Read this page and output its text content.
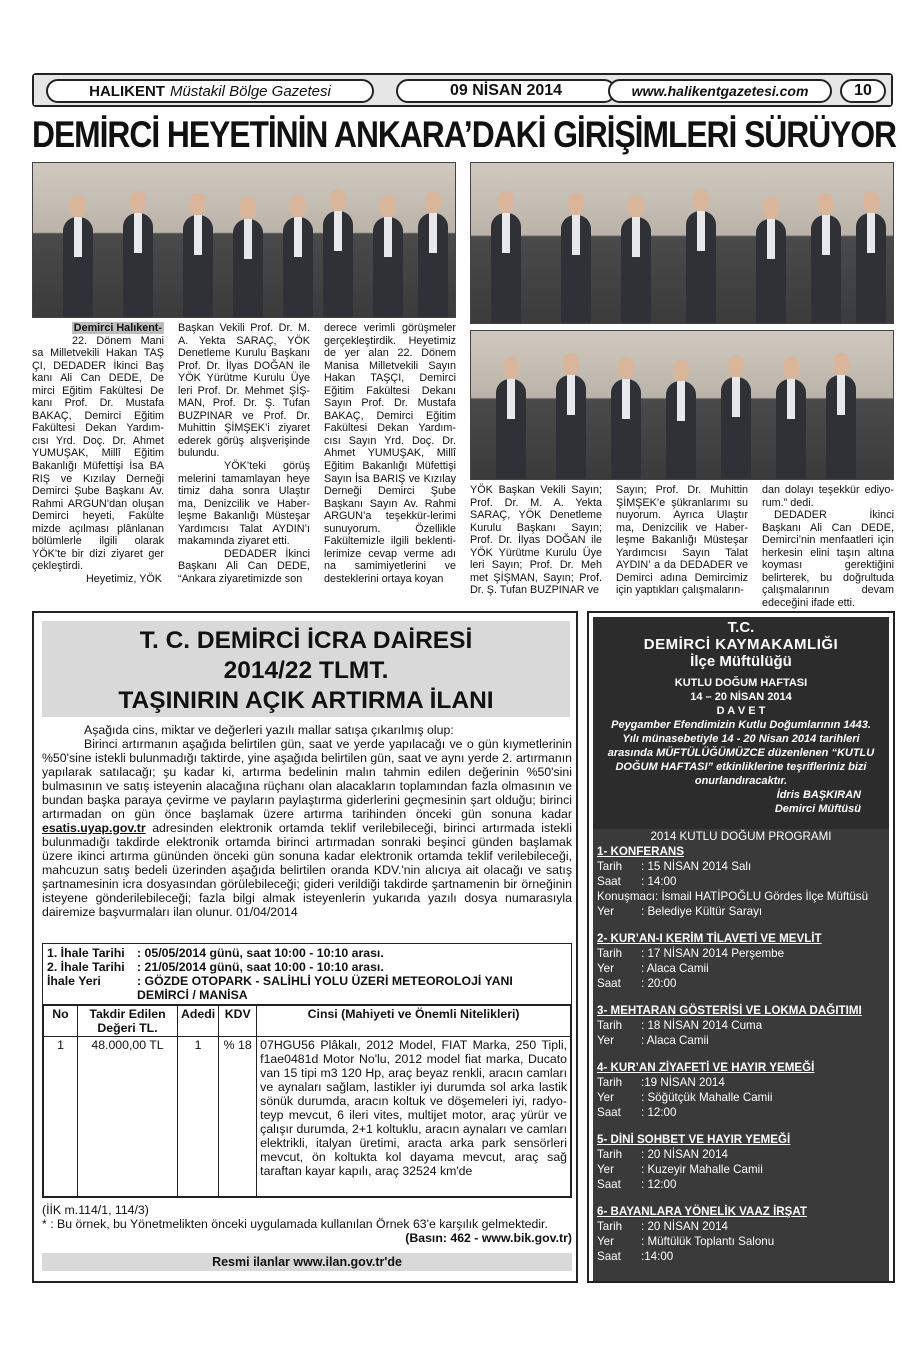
HALIKENT Müstakil Bölge Gazetesi	09 NİSAN 2014	www.halikentgazetesi.com	10
DEMİRCİ HEYETİNİN ANKARA’DAKİ GİRİŞİMLERİ SÜRÜYOR

Demirci Halıkent-

22. Dönem Mani sa Milletvekili Hakan TAŞ ÇI, DEDADER İkinci Baş kanı Ali Can DEDE, De mirci Eğitim Fakültesi De kanı Prof. Dr. Mustafa BAKAÇ, Demirci Eğitim Fakültesi Dekan Yardım-cısı Yrd. Doç. Dr. Ahmet YUMUŞAK, Millî Eğitim Bakanlığı Müfettişi İsa BA RIŞ ve Kızılay Derneği Demirci Şube Başkanı Av. Rahmi ARGUN’dan oluşan Demirci heyeti, Fakülte mizde açılması plânlanan bölümlerle ilgili olarak YÖK’te bir dizi ziyaret ger çekleştirdi.

Heyetimiz, YÖK

Başkan Vekili Prof. Dr. M. A. Yekta SARAÇ, YÖK Denetleme Kurulu Başkanı Prof. Dr. İlyas DOĞAN ile YÖK Yürütme Kurulu Üye leri Prof. Dr. Mehmet ŞİŞ-MAN, Prof. Dr. Ş. Tufan BUZPINAR ve Prof. Dr. Muhittin ŞİMŞEK’i ziyaret ederek görüş alışverişinde bulundu.

YÖK’teki görüş melerini tamamlayan heye timiz daha sonra Ulaştır ma, Denizcilik ve Haber-leşme Bakanlığı Müsteşar Yardımcısı Talat AYDIN’ı makamında ziyaret etti.

DEDADER İkinci Başkanı Ali Can DEDE, “Ankara ziyaretimizde son

derece verimli görüşmeler gerçekleştirdik. Heyetimiz de yer alan 22. Dönem Manisa Milletvekili Sayın Hakan TAŞÇI, Demirci Eğitim Fakültesi Dekanı Sayın Prof. Dr. Mustafa BAKAÇ, Demirci Eğitim Fakültesi Dekan Yardım-cısı Sayın Yrd. Doç. Dr. Ahmet YUMUŞAK, Millî Eğitim Bakanlığı Müfettişi Sayın İsa BARIŞ ve Kızılay Derneği Demirci Şube Başkanı Sayın Av. Rahmi ARGUN’a teşekkür-lerimi sunuyorum. Özellikle Fakültemizle ilgili beklenti-lerimize cevap verme adı na samimiyetlerini ve desteklerini ortaya koyan

YÖK Başkan Vekili Sayın; Prof. Dr. M. A. Yekta SARAÇ, YÖK Denetleme Kurulu Başkanı Sayın; Prof. Dr. İlyas DOĞAN ile YÖK Yürütme Kurulu Üye leri Sayın; Prof. Dr. Meh met ŞİŞMAN, Sayın; Prof. Dr. Ş. Tufan BUZPINAR ve

Sayın; Prof. Dr. Muhittin ŞİMŞEK’e şükranlarımı su nuyorum. Ayrıca Ulaştır ma, Denizcilik ve Haber-leşme Bakanlığı Müsteşar Yardımcısı Sayın Talat AYDIN’ a da DEDADER ve Demirci adına Demircimiz için yaptıkları çalışmaların-

dan dolayı teşekkür ediyo-rum.” dedi.

DEDADER İkinci Başkanı Ali Can DEDE, Demirci’nin menfaatleri için herkesin elini taşın altına koyması gerektiğini belirterek, bu doğrultuda çalışmalarının devam edeceğini ifade etti.

T. C. DEMİRCİ İCRA DAİRESİ
2014/22 TLMT.
TAŞINIRIN AÇIK ARTIRMA İLANI

Aşağıda cins, miktar ve değerleri yazılı mallar satışa çıkarılmış olup:

Birinci artırmanın aşağıda belirtilen gün, saat ve yerde yapılacağı ve o gün kıymetlerinin %50'sine istekli bulunmadığı taktirde, yine aşağıda belirtilen gün, saat ve aynı yerde 2. artırmanın yapılarak satılacağı; şu kadar ki, artırma bedelinin malın tahmin edilen değerinin %50'sini bulmasının ve satış isteyenin alacağına rüçhanı olan alacakların toplamından fazla olmasının ve bundan başka paraya çevirme ve payların paylaştırma giderlerini geçmesinin şart olduğu; birinci artırmadan on gün önce başlamak üzere artırma tarihinden önceki gün sonuna kadar esatis.uyap.gov.tr adresinden elektronik ortamda teklif verilebileceği, birinci artırmada istekli bulunmadığı takdirde elektronik ortamda birinci artırmadan sonraki beşinci günden başlamak üzere ikinci artırma gününden önceki gün sonuna kadar elektronik ortamda teklif verilebileceği, mahcuzun satış bedeli üzerinden aşağıda belirtilen oranda KDV.'nin alıcıya ait olacağı ve satış şartnamesinin icra dosyasından görülebileceği; gideri verildiği takdirde şartnamenin bir örneğinin isteyene gönderilebileceği; fazla bilgi almak isteyenlerin yukarıda yazılı dosya numarasıyla dairemize başvurmaları ilan olunur. 01/04/2014

1. İhale Tarihi	: 05/05/2014 günü, saat 10:00 - 10:10 arası.
2. İhale Tarihi	: 21/05/2014 günü, saat 10:00 - 10:10 arası.
İhale Yeri	: GÖZDE OTOPARK - SALİHLİ YOLU ÜZERİ METEOROLOJİ YANI DEMİRCİ / MANİSA
No	Takdir Edilen Değeri TL.	Adedi	KDV	Cinsi (Mahiyeti ve Önemli Nitelikleri)
1	48.000,00 TL	1	% 18	07HGU56 Plâkalı, 2012 Model, FIAT Marka, 250 Tipli, f1ae0481d Motor No'lu, 2012 model fiat marka, Ducato van 15 tipi m3 120 Hp, araç beyaz renkli, aracın camları ve aynaları sağlam, lastikler iyi durumda sol arka lastik sönük durumda, aracın koltuk ve döşemeleri iyi, radyo-teyp mevcut, 6 ileri vites, multijet motor, araç yürür ve çalışır durumda, 2+1 koltuklu, aracın aynaları ve camları elektrikli, italyan üretimi, aracta arka park sensörleri mevcut, ön koltukta kol dayama mevcut, araç sağ taraftan kayar kapılı, araç 32524 km'de

(İİK m.114/1, 114/3)

* : Bu örnek, bu Yönetmelikten önceki uygulamada kullanılan Örnek 63'e karşılık gelmektedir.

(Basın: 462 - www.bik.gov.tr)

Resmi ilanlar www.ilan.gov.tr'de
T.C.
DEMİRCİ KAYMAKAMLIĞI
İlçe Müftülüğü
KUTLU DOĞUM HAFTASI
14 – 20 NİSAN 2014
D A V E T
Peygamber Efendimizin Kutlu Doğumlarının 1443. Yılı münasebetiyle 14 - 20 Nisan 2014 tarihleri arasında MÜFTÜLÜĞÜMÜZCE düzenlenen “KUTLU DOĞUM HAFTASI” etkinliklerine teşrifleriniz bizi onurlandıracaktır.
İdris BAŞKIRAN
Demirci Müftüsü
2014 KUTLU DOĞUM PROGRAMI
1- KONFERANS
Tarih	: 15 NİSAN 2014 Salı
Saat	: 14:00
Konuşmacı: İsmail HATİPOĞLU Gördes İlçe Müftüsü
Yer	: Belediye Kültür Sarayı
2- KUR’AN-I KERİM TİLAVETİ VE MEVLİT
Tarih	: 17 NİSAN 2014 Perşembe
Yer	: Alaca Camii
Saat	: 20:00
3- MEHTARAN GÖSTERİSİ VE LOKMA DAĞITIMI
Tarih	: 18 NİSAN 2014 Cuma
Yer	: Alaca Camii
4- KUR’AN ZİYAFETİ VE HAYIR YEMEĞİ
Tarih	:19 NİSAN 2014
Yer	: Söğütçük Mahalle Camii
Saat	: 12:00
5- DİNİ SOHBET VE HAYIR YEMEĞİ
Tarih	: 20 NİSAN 2014
Yer	: Kuzeyir Mahalle Camii
Saat	: 12:00
6- BAYANLARA YÖNELİK VAAZ İRŞAT
Tarih	: 20 NİSAN 2014
Yer	: Müftülük Toplantı Salonu
Saat	:14:00
